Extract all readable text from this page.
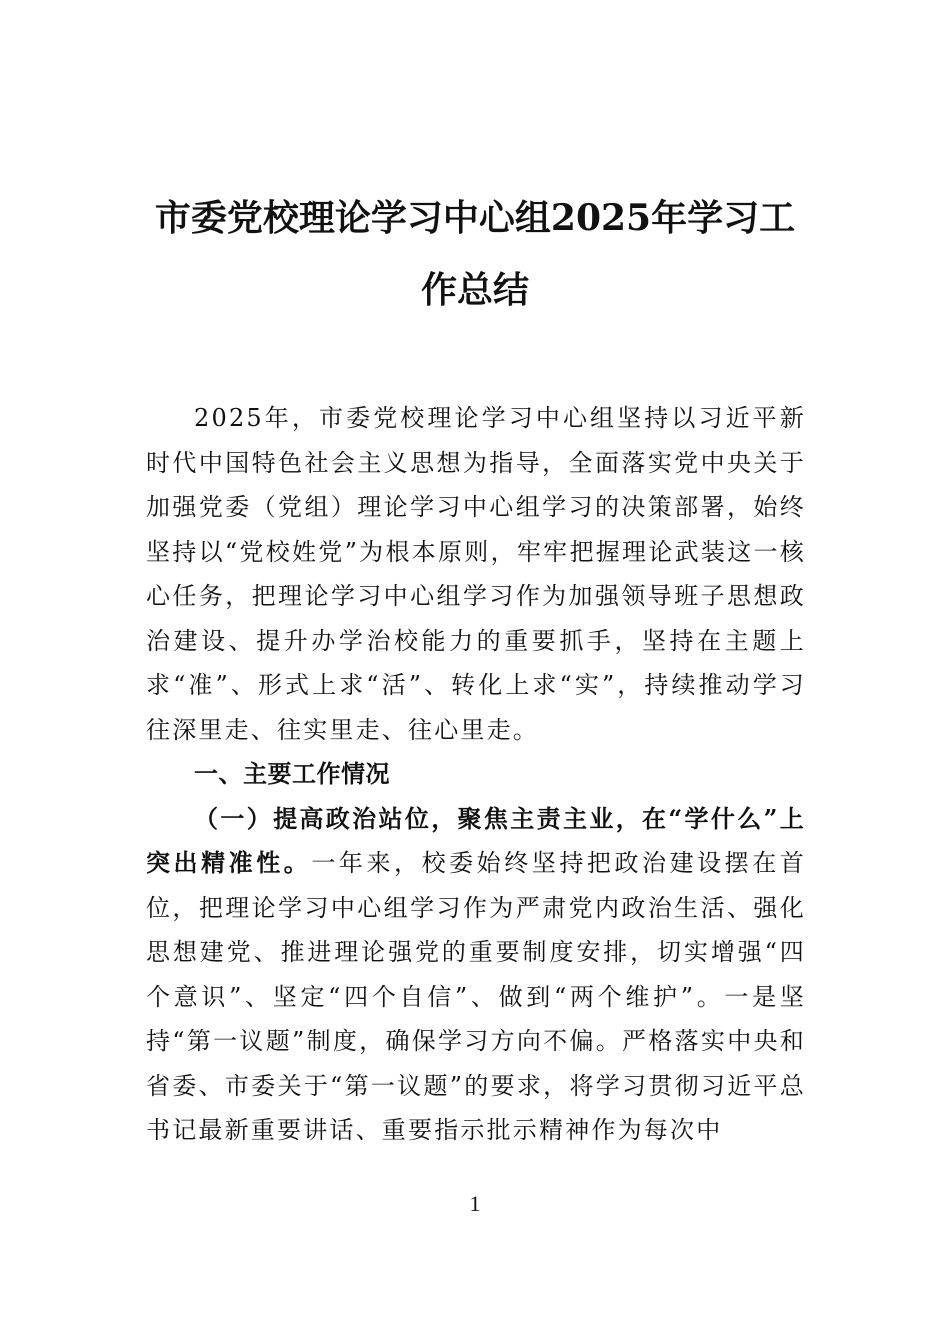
市委党校理论学习中心组2025年学习工作总结

2025年，市委党校理论学习中心组坚持以习近平新时代中国特色社会主义思想为指导，全面落实党中央关于加强党委（党组）理论学习中心组学习的决策部署，始终坚持以“党校姓党”为根本原则，牢牢把握理论武装这一核心任务，把理论学习中心组学习作为加强领导班子思想政治建设、提升办学治校能力的重要抓手，坚持在主题上求“准”、形式上求“活”、转化上求“实”，持续推动学习往深里走、往实里走、往心里走。

一、主要工作情况

（一）提高政治站位，聚焦主责主业，在“学什么”上突出精准性。一年来，校委始终坚持把政治建设摆在首位，把理论学习中心组学习作为严肃党内政治生活、强化思想建党、推进理论强党的重要制度安排，切实增强“四个意识”、坚定“四个自信”、做到“两个维护”。一是坚持“第一议题”制度，确保学习方向不偏。严格落实中央和省委、市委关于“第一议题”的要求，将学习贯彻习近平总书记最新重要讲话、重要指示批示精神作为每次中

1
